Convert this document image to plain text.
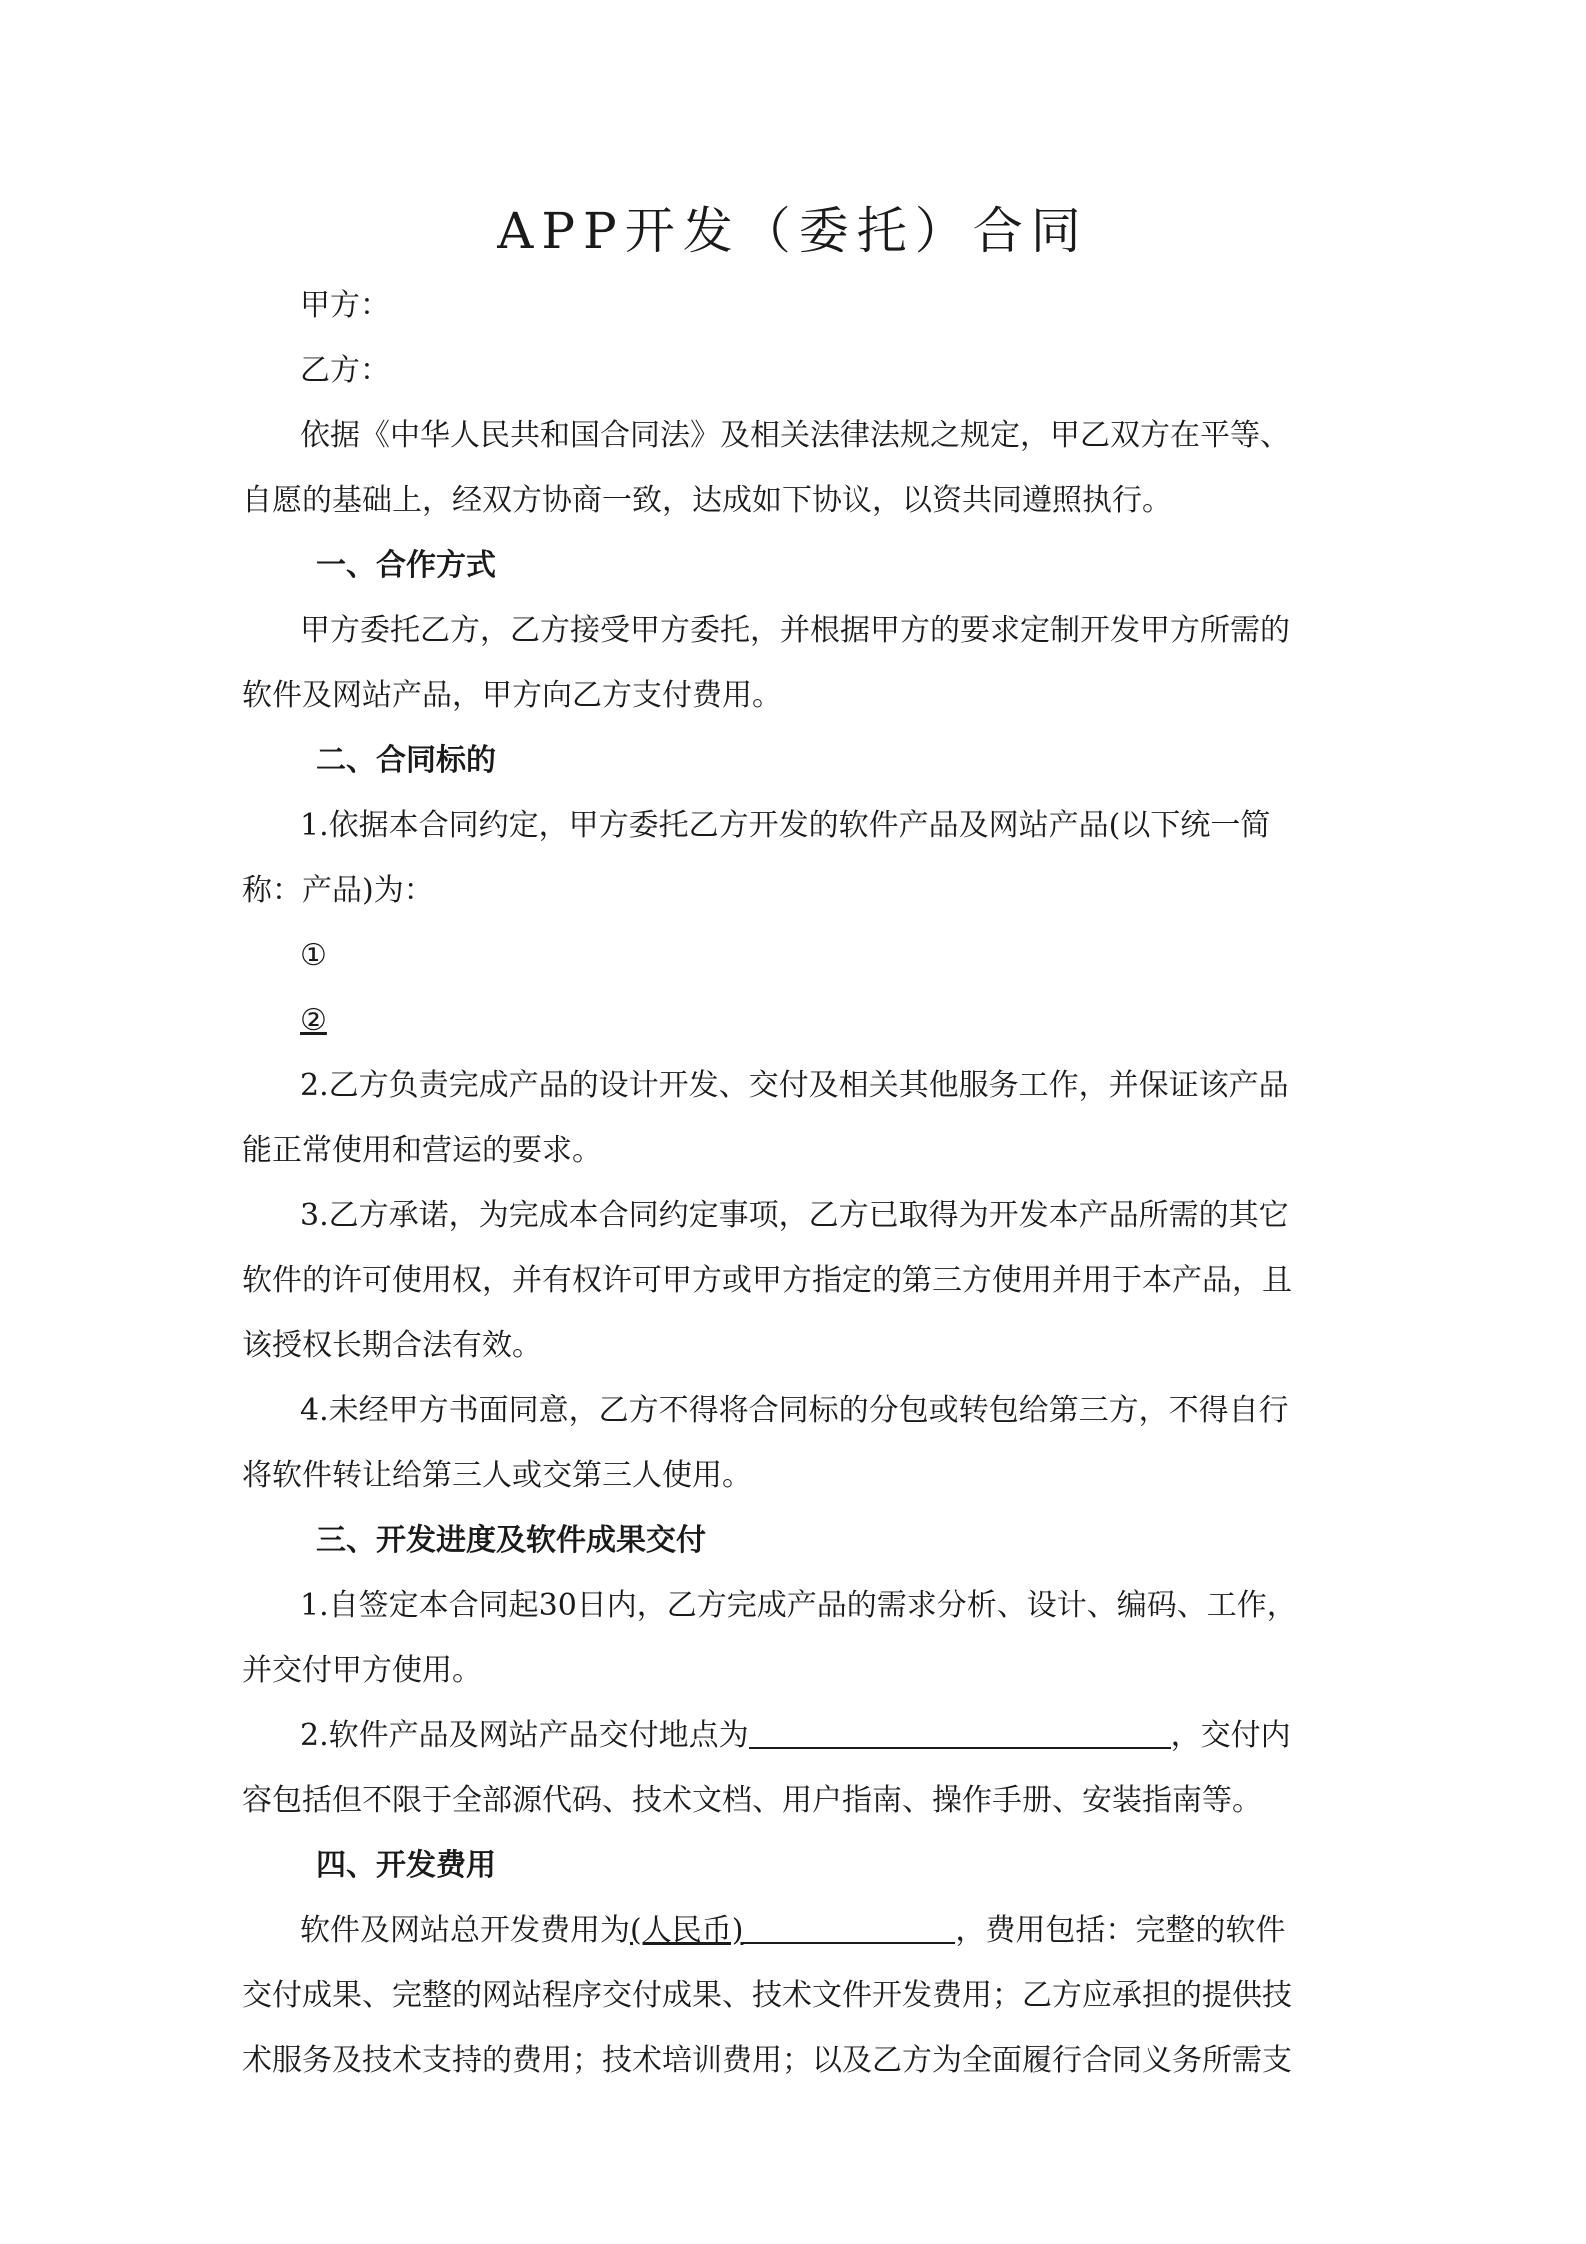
APP开发（委托）合同
甲方：
乙方：
依据《中华人民共和国合同法》及相关法律法规之规定，甲乙双方在平等、
自愿的基础上，经双方协商一致，达成如下协议，以资共同遵照执行。
一、合作方式
甲方委托乙方，乙方接受甲方委托，并根据甲方的要求定制开发甲方所需的
软件及网站产品，甲方向乙方支付费用。
二、合同标的
1.依据本合同约定，甲方委托乙方开发的软件产品及网站产品(以下统一简
称：产品)为：
①
②
2.乙方负责完成产品的设计开发、交付及相关其他服务工作，并保证该产品
能正常使用和营运的要求。
3.乙方承诺，为完成本合同约定事项，乙方已取得为开发本产品所需的其它
软件的许可使用权，并有权许可甲方或甲方指定的第三方使用并用于本产品，且
该授权长期合法有效。
4.未经甲方书面同意，乙方不得将合同标的分包或转包给第三方，不得自行
将软件转让给第三人或交第三人使用。
三、开发进度及软件成果交付
1.自签定本合同起30日内，乙方完成产品的需求分析、设计、编码、工作，
并交付甲方使用。
2.软件产品及网站产品交付地点为	，交付内
容包括但不限于全部源代码、技术文档、用户指南、操作手册、安装指南等。
四、开发费用
软件及网站总开发费用为(人民币)	，费用包括：完整的软件
交付成果、完整的网站程序交付成果、技术文件开发费用；乙方应承担的提供技
术服务及技术支持的费用；技术培训费用；以及乙方为全面履行合同义务所需支
